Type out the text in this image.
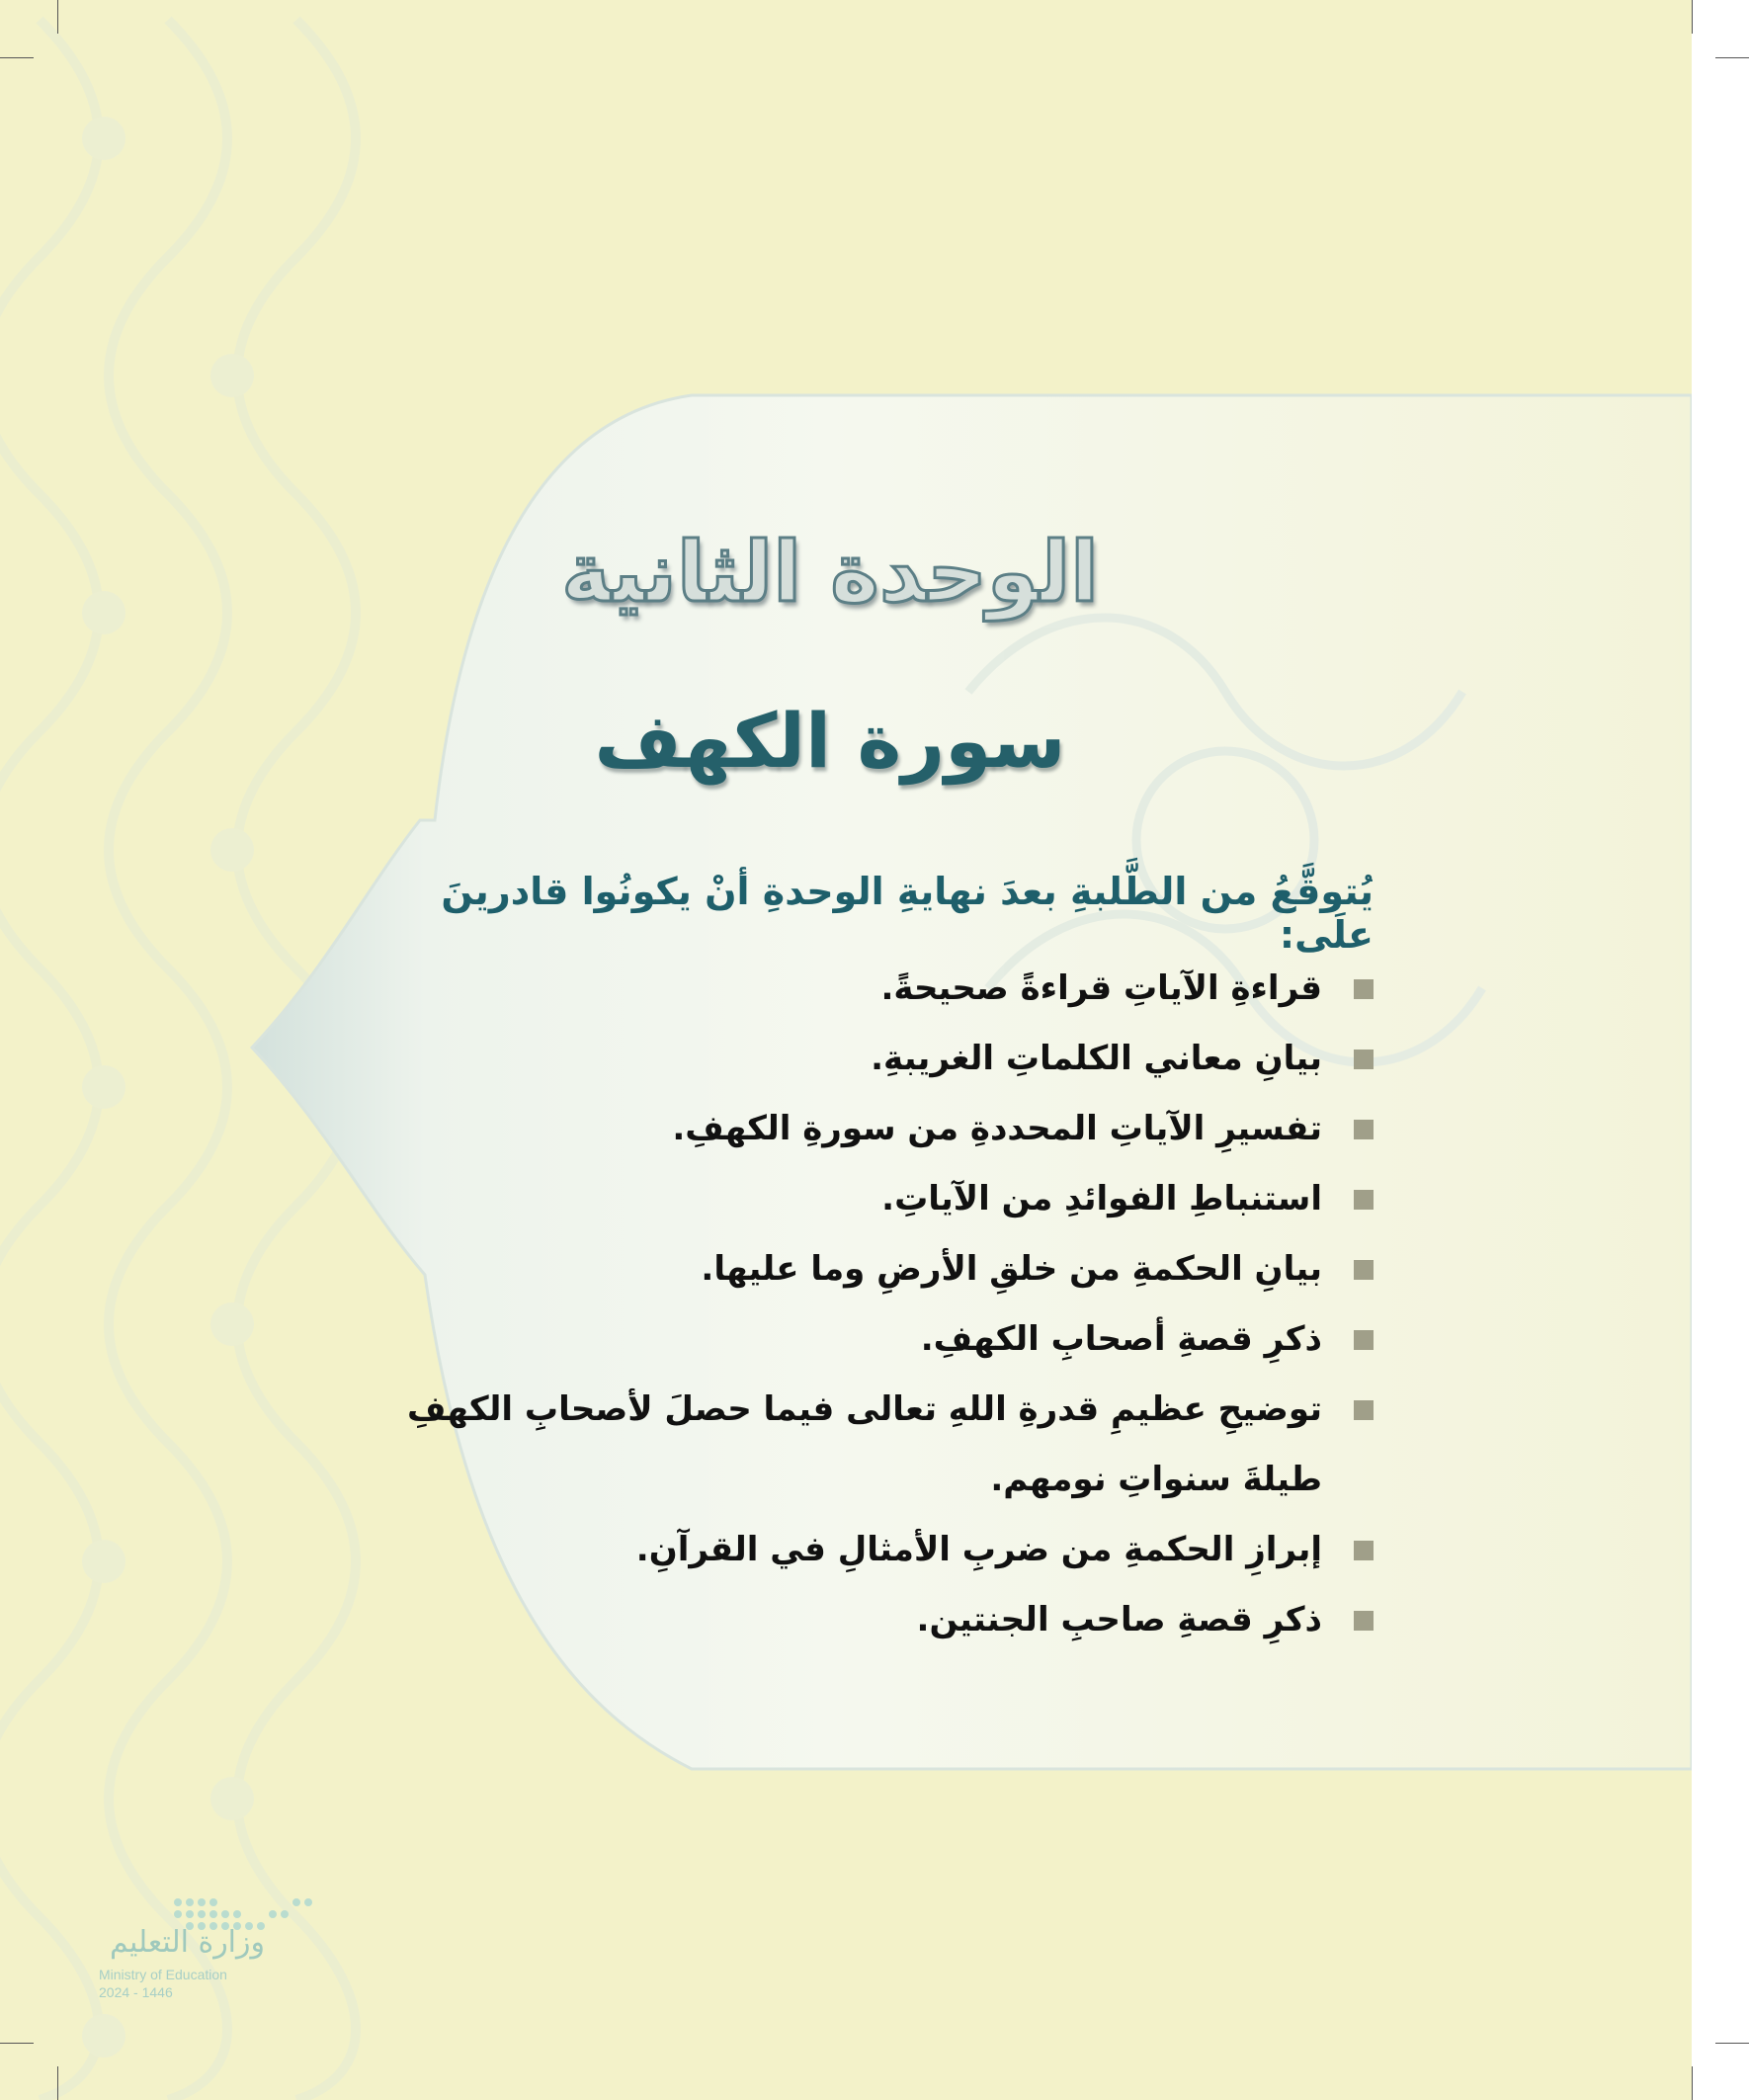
الوحدة الثانية
سورة الكهف
يُتوقَّعُ من الطَّلبةِ بعدَ نهايةِ الوحدةِ أنْ يكونُوا قادرينَ علَى:
قراءةِ الآياتِ قراءةً صحيحةً.
بيانِ معاني الكلماتِ الغريبةِ.
تفسيرِ الآياتِ المحددةِ من سورةِ الكهفِ.
استنباطِ الفوائدِ من الآياتِ.
بيانِ الحكمةِ من خلقِ الأرضِ وما عليها.
ذكرِ قصةِ أصحابِ الكهفِ.
توضيحِ عظيمِ قدرةِ اللهِ تعالى فيما حصلَ لأصحابِ الكهفِ
طيلةَ سنواتِ نومهم.
إبرازِ الحكمةِ من ضربِ الأمثالِ في القرآنِ.
ذكرِ قصةِ صاحبِ الجنتين.
وزارة التعليم
Ministry of Education
2024 - 1446
